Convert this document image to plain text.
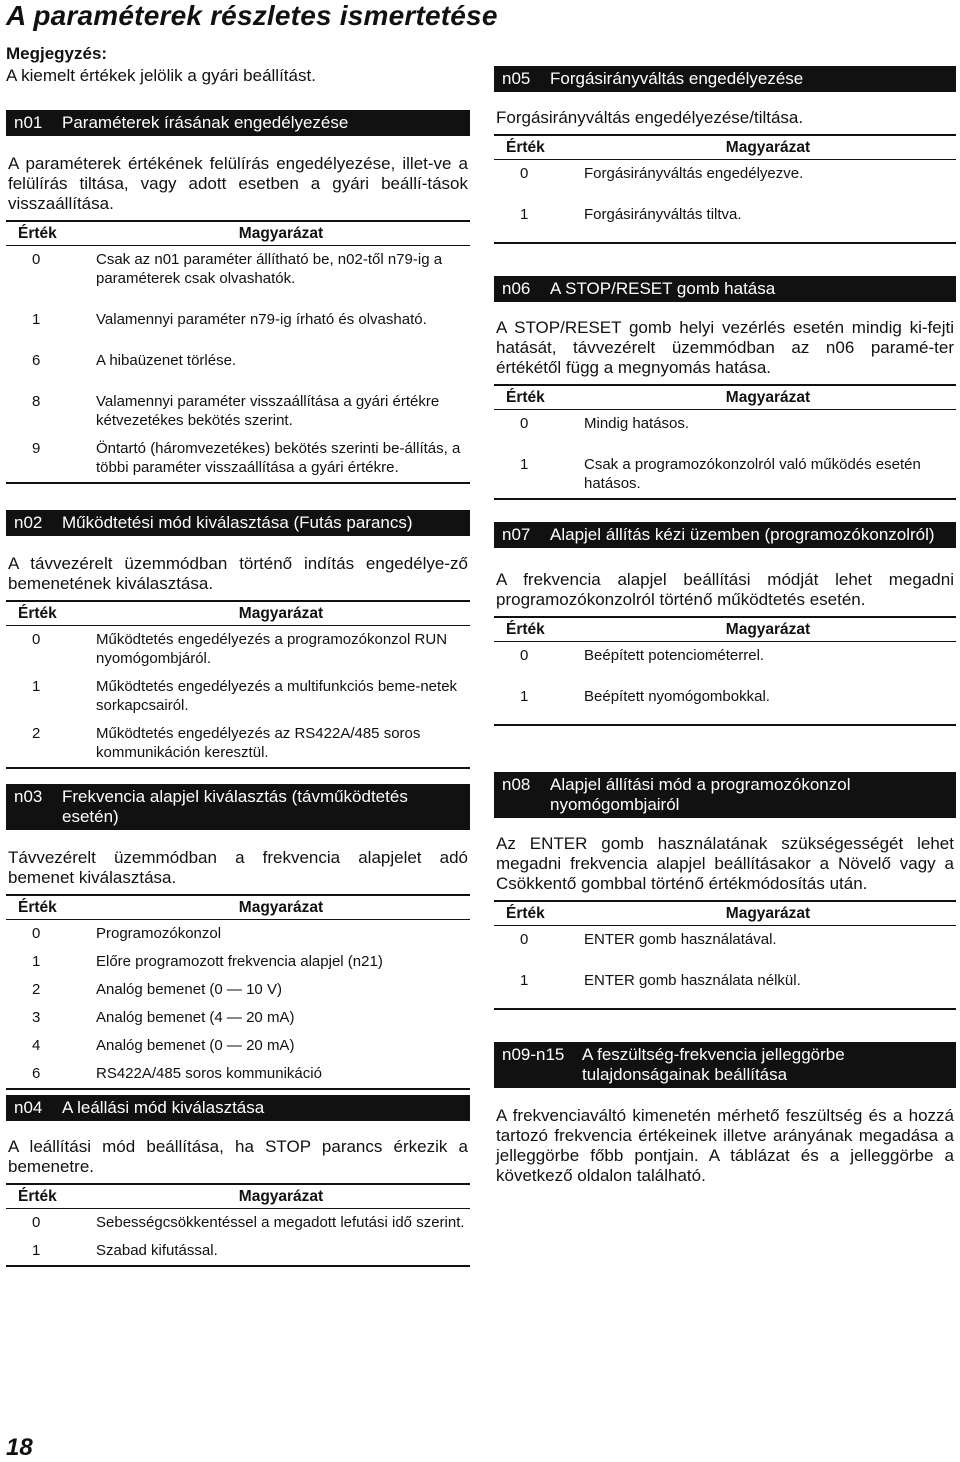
A paraméterek részletes ismertetése
Megjegyzés:
A kiemelt értékek jelölik a gyári beállítást.
n01	Paraméterek írásának engedélyezése
A paraméterek értékének felülírás engedélyezése, illet-ve a felülírás tiltása, vagy adott esetben a gyári beállí-tások visszaállítása.
Érték	Magyarázat
0	Csak az n01 paraméter állítható be, n02-től n79-ig a paraméterek csak olvashatók.
1	Valamennyi paraméter n79-ig írható és olvasható.
6	A hibaüzenet törlése.
8	Valamennyi paraméter visszaállítása a gyári értékre kétvezetékes bekötés szerint.
9	Öntartó (háromvezetékes) bekötés szerinti be-állítás, a többi paraméter visszaállítása a gyári értékre.
n02	Működtetési mód kiválasztása (Futás parancs)
A távvezérelt üzemmódban történő indítás engedélye-ző bemenetének kiválasztása.
Érték	Magyarázat
0	Működtetés engedélyezés a programozókonzol RUN nyomógombjáról.
1	Működtetés engedélyezés a multifunkciós beme-netek sorkapcsairól.
2	Működtetés engedélyezés az RS422A/485 soros kommunikáción keresztül.
n03	Frekvencia alapjel kiválasztás (távműködtetés esetén)
Távvezérelt üzemmódban a frekvencia alapjelet adó bemenet kiválasztása.
Érték	Magyarázat
0	Programozókonzol
1	Előre programozott frekvencia alapjel (n21)
2	Analóg bemenet (0 — 10 V)
3	Analóg bemenet (4 — 20 mA)
4	Analóg bemenet (0 — 20 mA)
6	RS422A/485 soros kommunikáció
n04	A leállási mód kiválasztása
A leállítási mód beállítása, ha STOP parancs érkezik a bemenetre.
Érték	Magyarázat
0	Sebességcsökkentéssel a megadott lefutási idő szerint.
1	Szabad kifutással.
n05	Forgásirányváltás engedélyezése
Forgásirányváltás engedélyezése/tiltása.
Érték	Magyarázat
0	Forgásirányváltás engedélyezve.
1	Forgásirányváltás tiltva.
n06	A STOP/RESET gomb hatása
A STOP/RESET gomb helyi vezérlés esetén mindig ki-fejti hatását, távvezérelt üzemmódban az n06 paramé-ter értékétől függ a megnyomás hatása.
Érték	Magyarázat
0	Mindig hatásos.
1	Csak a programozókonzolról való működés esetén hatásos.
n07	Alapjel állítás kézi üzemben (programozókonzolról)
A frekvencia alapjel beállítási módját lehet megadni programozókonzolról történő működtetés esetén.
Érték	Magyarázat
0	Beépített potenciométerrel.
1	Beépített nyomógombokkal.
n08	Alapjel állítási mód a programozókonzol nyomógombjairól
Az ENTER gomb használatának szükségességét lehet megadni frekvencia alapjel beállításakor a Növelő vagy a Csökkentő gombbal történő értékmódosítás után.
Érték	Magyarázat
0	ENTER gomb használatával.
1	ENTER gomb használata nélkül.
n09-n15	A feszültség-frekvencia jelleggörbe tulajdonságainak beállítása
A frekvenciaváltó kimenetén mérhető feszültség és a hozzá tartozó frekvencia értékeinek illetve arányának megadása a jelleggörbe főbb pontjain. A táblázat és a jelleggörbe a következő oldalon található.
18
